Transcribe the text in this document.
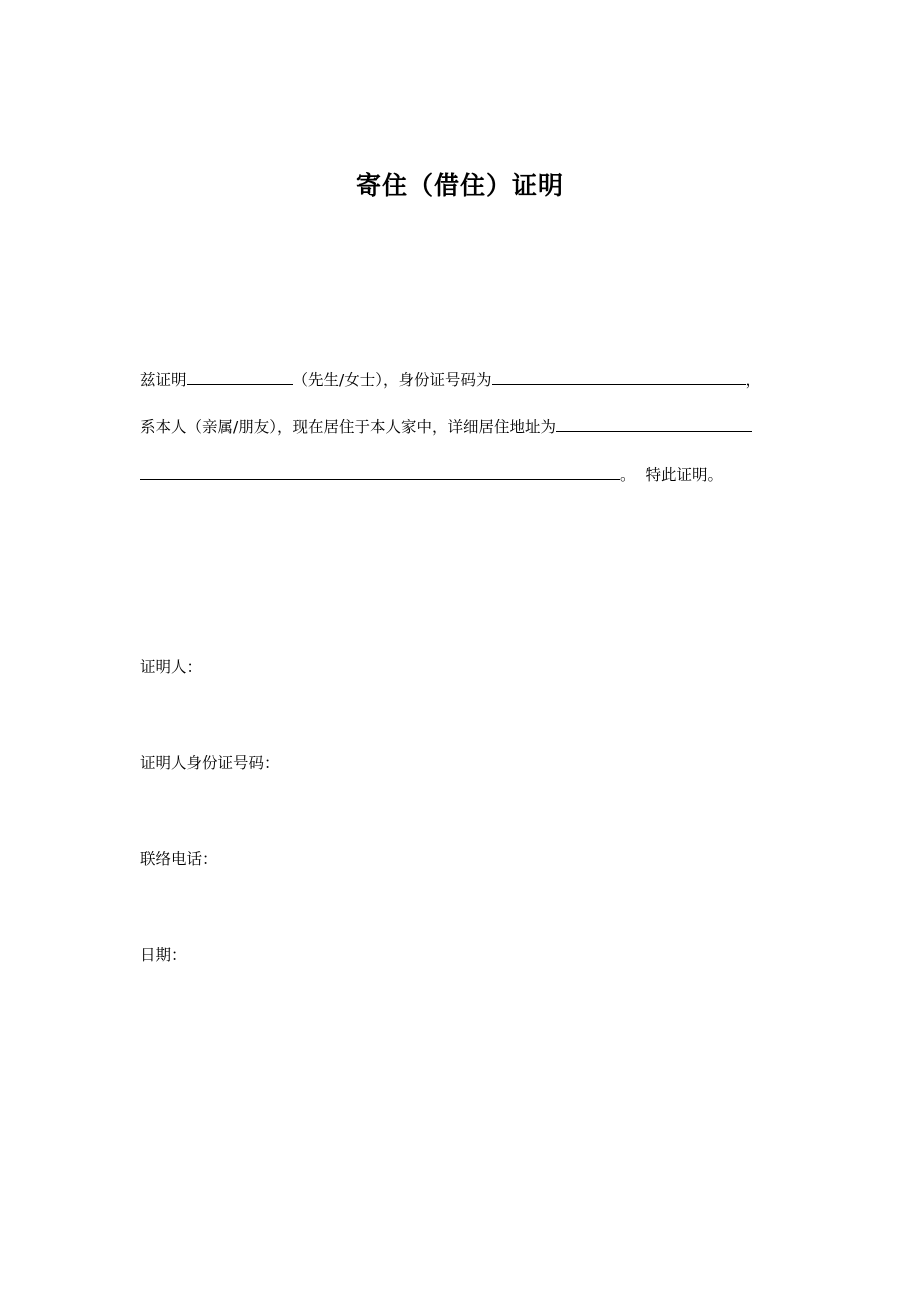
寄住（借住）证明
兹证明	（先生/女士），身份证号码为	，
系本人（亲属/朋友），现在居住于本人家中，详细居住地址为
。 特此证明。
证明人：
证明人身份证号码：
联络电话：
日期：
